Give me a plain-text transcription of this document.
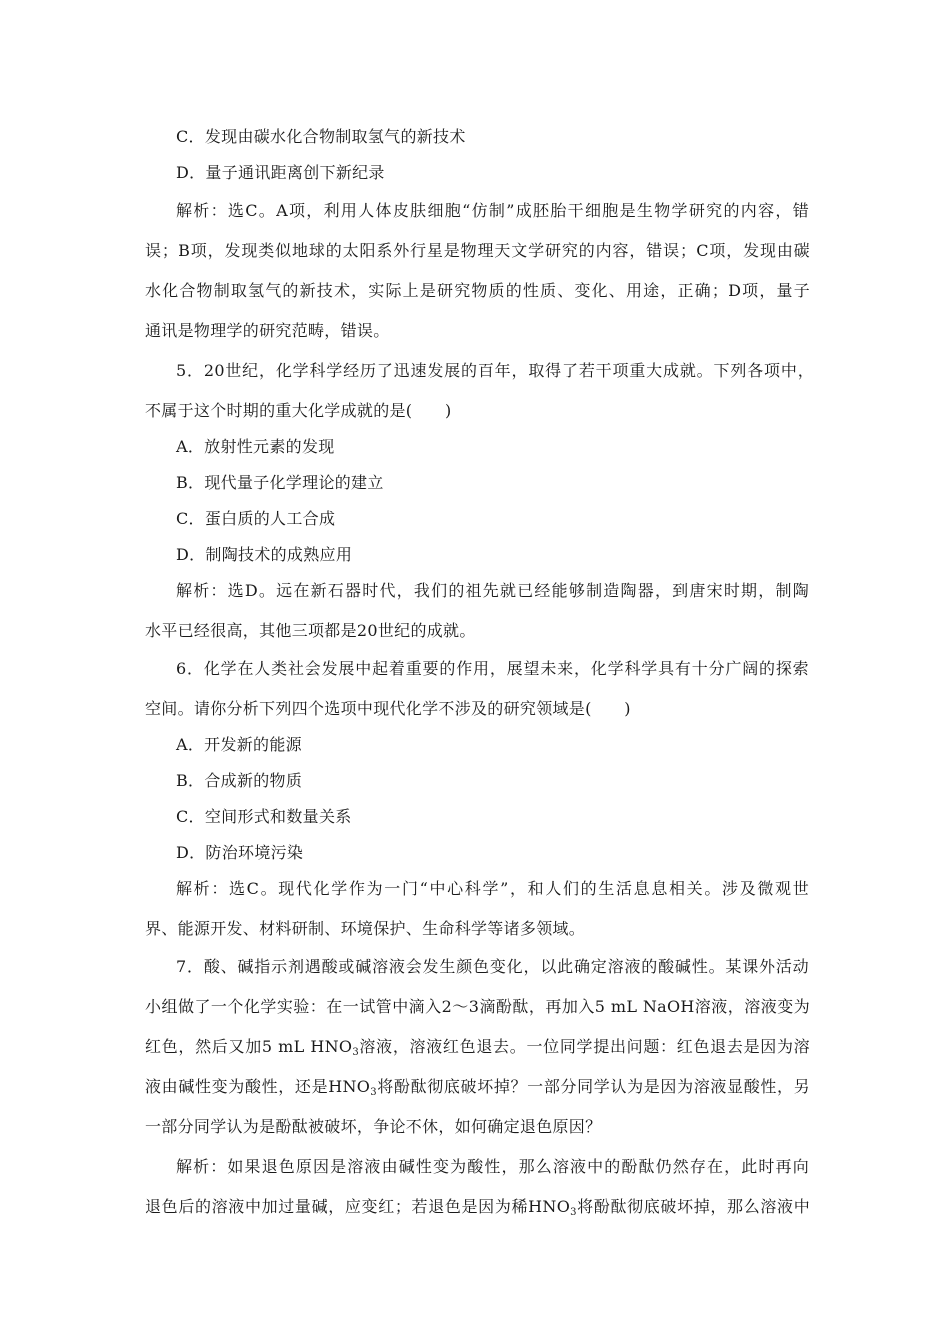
C．发现由碳水化合物制取氢气的新技术
D．量子通讯距离创下新纪录
解析：选C。A项，利用人体皮肤细胞“仿制”成胚胎干细胞是生物学研究的内容，错
误；B项，发现类似地球的太阳系外行星是物理天文学研究的内容，错误；C项，发现由碳
水化合物制取氢气的新技术，实际上是研究物质的性质、变化、用途，正确；D项，量子
通讯是物理学的研究范畴，错误。
5．20世纪，化学科学经历了迅速发展的百年，取得了若干项重大成就。下列各项中，
不属于这个时期的重大化学成就的是(　　)
A．放射性元素的发现
B．现代量子化学理论的建立
C．蛋白质的人工合成
D．制陶技术的成熟应用
解析：选D。远在新石器时代，我们的祖先就已经能够制造陶器，到唐宋时期，制陶
水平已经很高，其他三项都是20世纪的成就。
6．化学在人类社会发展中起着重要的作用，展望未来，化学科学具有十分广阔的探索
空间。请你分析下列四个选项中现代化学不涉及的研究领域是(　　)
A．开发新的能源
B．合成新的物质
C．空间形式和数量关系
D．防治环境污染
解析：选C。现代化学作为一门“中心科学”，和人们的生活息息相关。涉及微观世
界、能源开发、材料研制、环境保护、生命科学等诸多领域。
7．酸、碱指示剂遇酸或碱溶液会发生颜色变化，以此确定溶液的酸碱性。某课外活动
小组做了一个化学实验：在一试管中滴入2～3滴酚酞，再加入5 mL NaOH溶液，溶液变为
红色，然后又加5 mL $HNO_3$溶液，溶液红色退去。一位同学提出问题：红色退去是因为溶
液由碱性变为酸性，还是$HNO_3$将酚酞彻底破坏掉？一部分同学认为是因为溶液显酸性，另
一部分同学认为是酚酞被破坏，争论不休，如何确定退色原因？
解析：如果退色原因是溶液由碱性变为酸性，那么溶液中的酚酞仍然存在，此时再向
退色后的溶液中加过量碱，应变红；若退色是因为稀$HNO_3$将酚酞彻底破坏掉，那么溶液中
